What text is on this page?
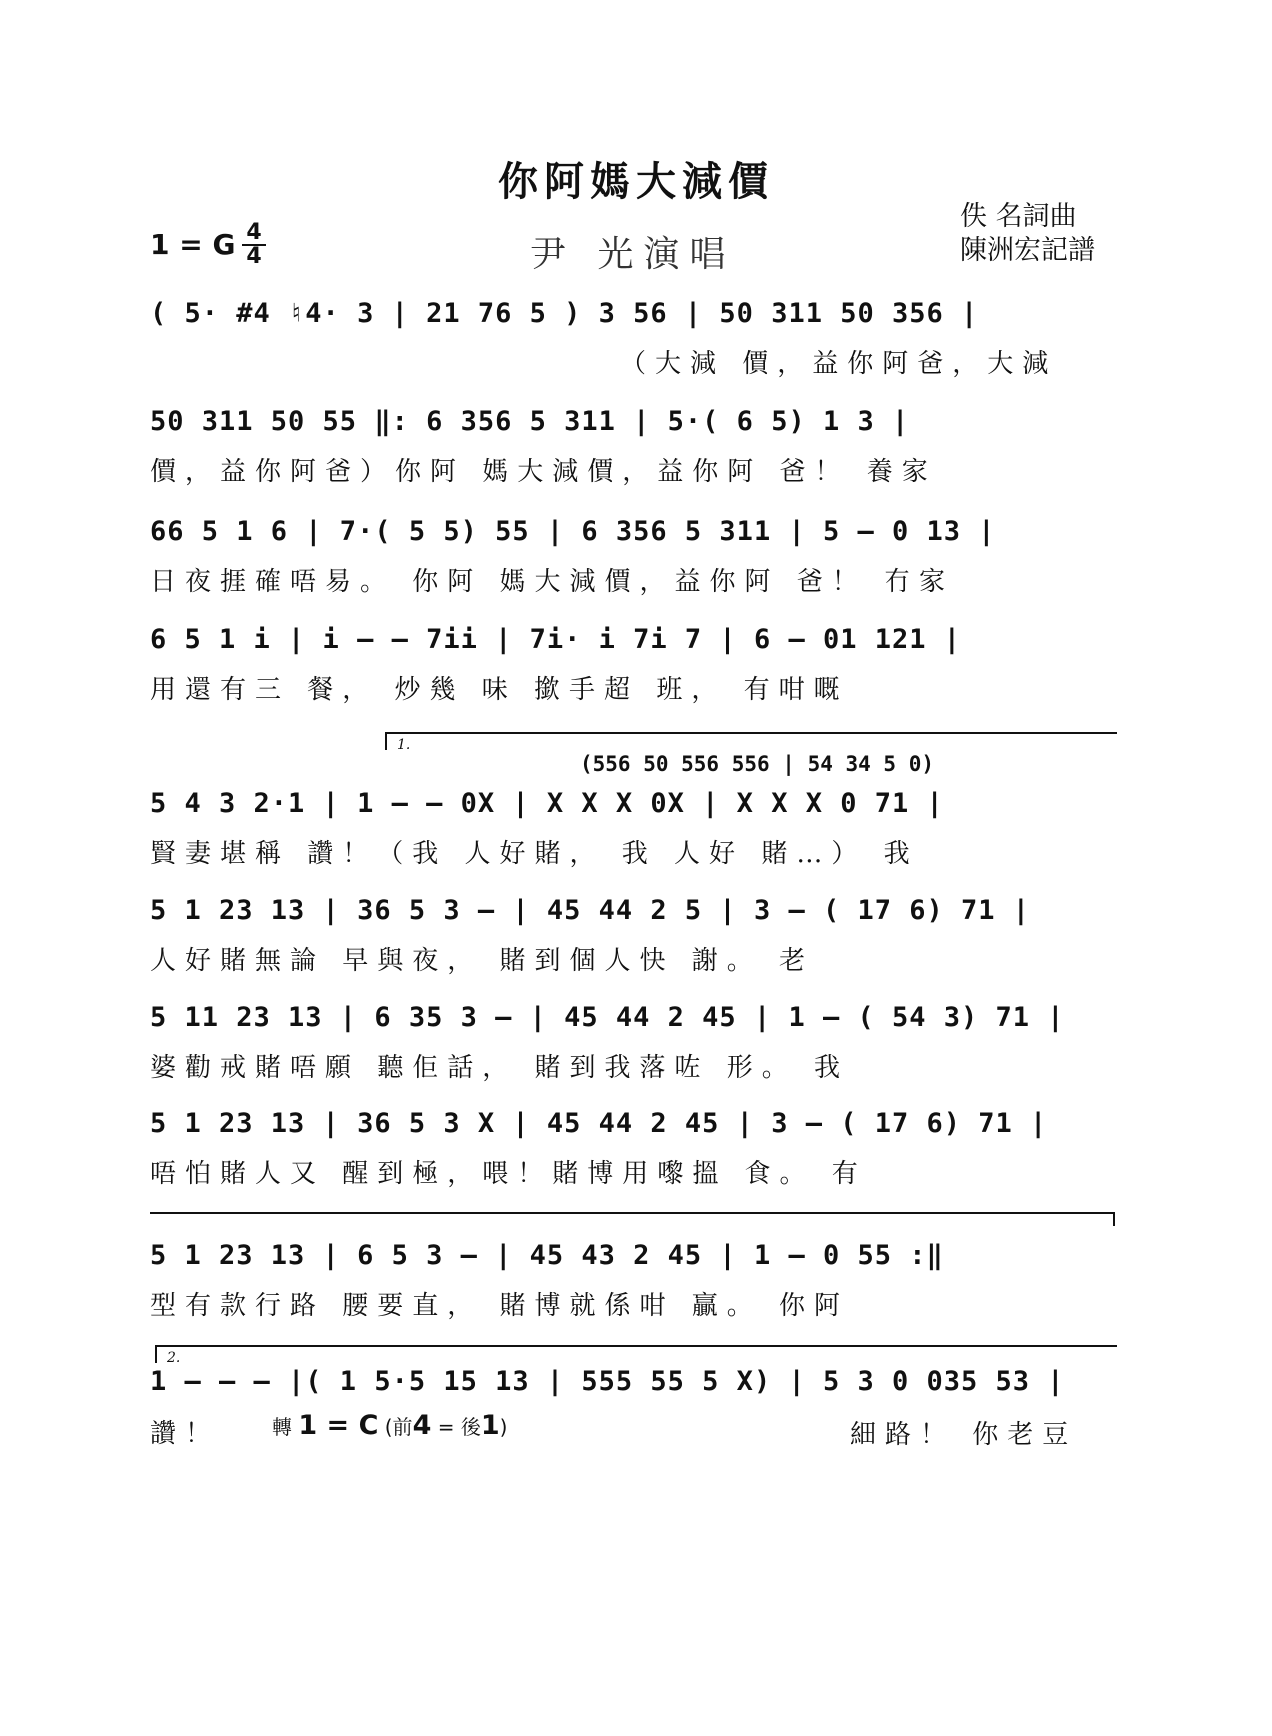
你阿媽大減價
1 = G $\frac{4}{4}$	尹 光演唱
佚 名詞曲
陳洲宏記譜
( 5· #4 ♮4· 3 | 21 76 5 ) 3 56 | 50 311 50 356 |
（大減 價，益你阿爸，大減
50 311 50 55 ‖: 6 356 5 311 | 5·( 6 5) 1 3 |
價，益你阿爸）你阿 媽大減價，益你阿 爸！ 養家
66 5 1 6 | 7·( 5 5) 55 | 6 356 5 311 | 5 – 0 13 |
日夜捱確唔易。 你阿 媽大減價，益你阿 爸！ 冇家
6 5 1 i | i – – 7ii | 7i· i 7i 7 | 6 – 01 121 |
用還有三 餐， 炒幾 味 撳手超 班， 有咁嘅
1.
(556 50 556 556 | 54 34 5 0)
5 4 3 2·1 | 1 – – 0X | X X X 0X | X X X 0 71 |
賢妻堪稱 讚！（我 人好賭， 我 人好 賭…） 我
5 1 23 13 | 36 5 3 – | 45 44 2 5 | 3 – ( 17 6) 71 |
人好賭無論 早與夜， 賭到個人快 謝。 老
5 11 23 13 | 6 35 3 – | 45 44 2 45 | 1 – ( 54 3) 71 |
婆勸戒賭唔願 聽佢話， 賭到我落咗 形。 我
5 1 23 13 | 36 5 3 X | 45 44 2 45 | 3 – ( 17 6) 71 |
唔怕賭人又 醒到極，喂！賭博用嚟搵 食。 有
5 1 23 13 | 6 5 3 – | 45 43 2 45 | 1 – 0 55 :‖
型有款行路 腰要直， 賭博就係咁 贏。 你阿
2.
1 – – – |( 1 5·5 15 13 | 555 55 5 X) | 5 3 0 035 53 |
讚！	轉 1 = C (前4 = 後1)	細路！ 你老豆
